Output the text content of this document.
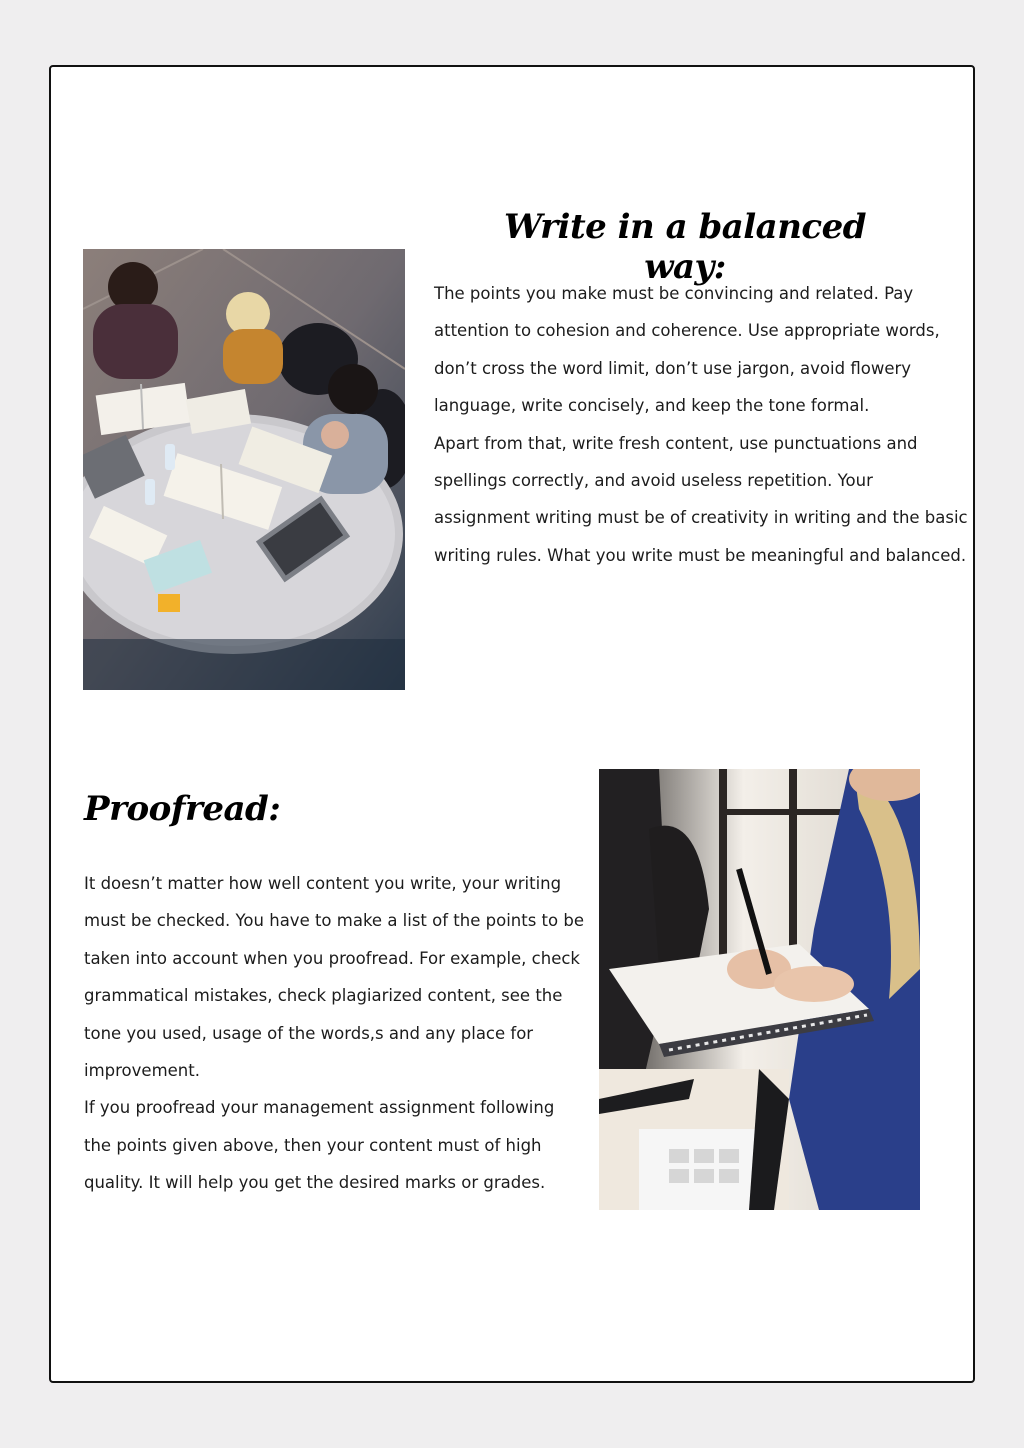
Write in a balanced way:

The points you make must be convincing and related. Pay attention to cohesion and coherence. Use appropriate words, don’t cross the word limit, don’t use jargon, avoid flowery language, write concisely, and keep the tone formal.

Apart from that, write fresh content, use punctuations and spellings correctly, and avoid useless repetition. Your assignment writing must be of creativity in writing and the basic writing rules. What you write must be meaningful and balanced.

Proofread:

It doesn’t matter how well content you write, your writing must be checked. You have to make a list of the points to be taken into account when you proofread. For example, check grammatical mistakes, check plagiarized content, see the tone you used, usage of the words,s and any place for improvement.

If you proofread your management assignment following the points given above, then your content must of high quality. It will help you get the desired marks or grades.
